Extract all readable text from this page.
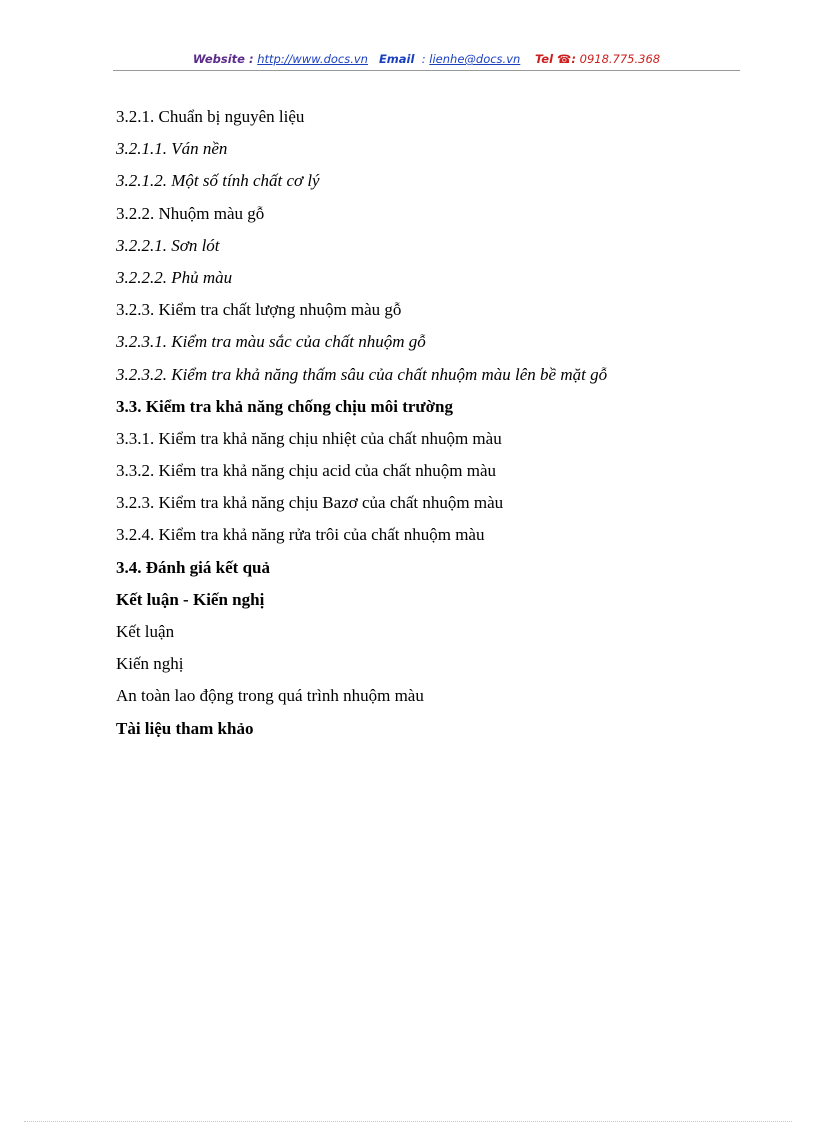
Website : http://www.docs.vn Email : lienhe@docs.vn Tel ☎: 0918.775.368
3.2.1. Chuẩn bị nguyên liệu
3.2.1.1. Ván nền
3.2.1.2. Một số tính chất cơ lý
3.2.2. Nhuộm màu gỗ
3.2.2.1. Sơn lót
3.2.2.2. Phủ màu
3.2.3. Kiểm tra chất lượng nhuộm màu gỗ
3.2.3.1. Kiểm tra màu sắc của chất nhuộm gỗ
3.2.3.2. Kiểm tra khả năng thấm sâu của chất nhuộm màu lên bề mặt gỗ
3.3. Kiểm tra khả năng chống chịu môi trường
3.3.1. Kiểm tra khả năng chịu nhiệt của chất nhuộm màu
3.3.2. Kiểm tra khả năng chịu acid của chất nhuộm màu
3.2.3. Kiểm tra khả năng chịu Bazơ của chất nhuộm màu
3.2.4. Kiểm tra khả năng rửa trôi của chất nhuộm màu
3.4. Đánh giá kết quả
Kết luận - Kiến nghị
Kết luận
Kiến nghị
An toàn lao động trong quá trình nhuộm màu
Tài liệu tham khảo
